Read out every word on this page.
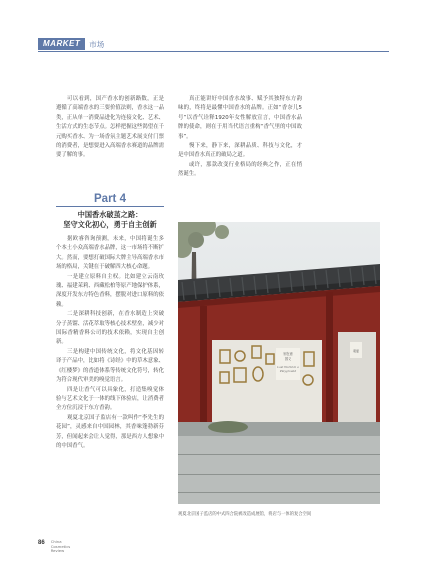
MARKET	市场

可以看到，国产香水的创新路数，正是遵循了高端香水的三要价值法则，香水这一品类，正从单一消费品进化为连接文化、艺术、生活方式的生态节点。怎样把握这些渴望在千元购买香水、为一场香氛主题艺术展支付门票的消费者，是想要进入高端香水赛道的品牌需要了解的事。

真正能讲好中国香水故事、赋予其独特东方韵味的，终将是最懂中国香水的品牌。正如“香奈儿5号”以香气诠释1920年女性解放宣言，中国香水品牌的使命，则在于用当代语言重构“香气里的中国故事”。

慢下来，静下来，深耕品质、科技与文化，才是中国香水真正的破局之道。

或许，那款改变行业格局的经典之作，正在悄然诞生。

Part 4
中国香水破茧之路：
坚守文化初心，勇于自主创新

据欧睿咨询预测，未来，中国将诞生多个本土小众高端香水品牌，这一市场将不断扩大。然而，要想打破国际大牌主导高端香水市场的格局，关键在于破解四大核心命题。

一是建立原料自主权。比如建立云南玫瑰、福建茉莉、西藏松柏等原产地保护体系，深度开发东方特色香料，摆脱对进口原料的依赖。

二是深耕科技创新，在香水制造上突破分子蒸馏、活花萃取等核心技术壁垒，减少对国际香精香料公司的技术依赖，实现自主创新。

三是构建中国传统文化，将文化基因转译于产品中，比如将《诗经》中的草木意象、《红楼梦》的香道体系等传统文化符号，转化为符合现代审美的嗅觉语言。

四是让香气可以具象化，打造集嗅觉体验与艺术文化于一体的线下体验店，让消费者全方位沉浸于东方香韵。

观夏北京国子监店有一款叫作“李先生的花园”，灵感来自中国园林，其香味蓬勃新芬芳，但闻起来会让人觉得，那是西方人想象中的中国香气。

别在意
园义
Lost World in a
Playground
观夏
观夏北京国子监店的中式四合院被改造成展馆，将店与一体的复合空间
86 China
Cosmetics
Review
